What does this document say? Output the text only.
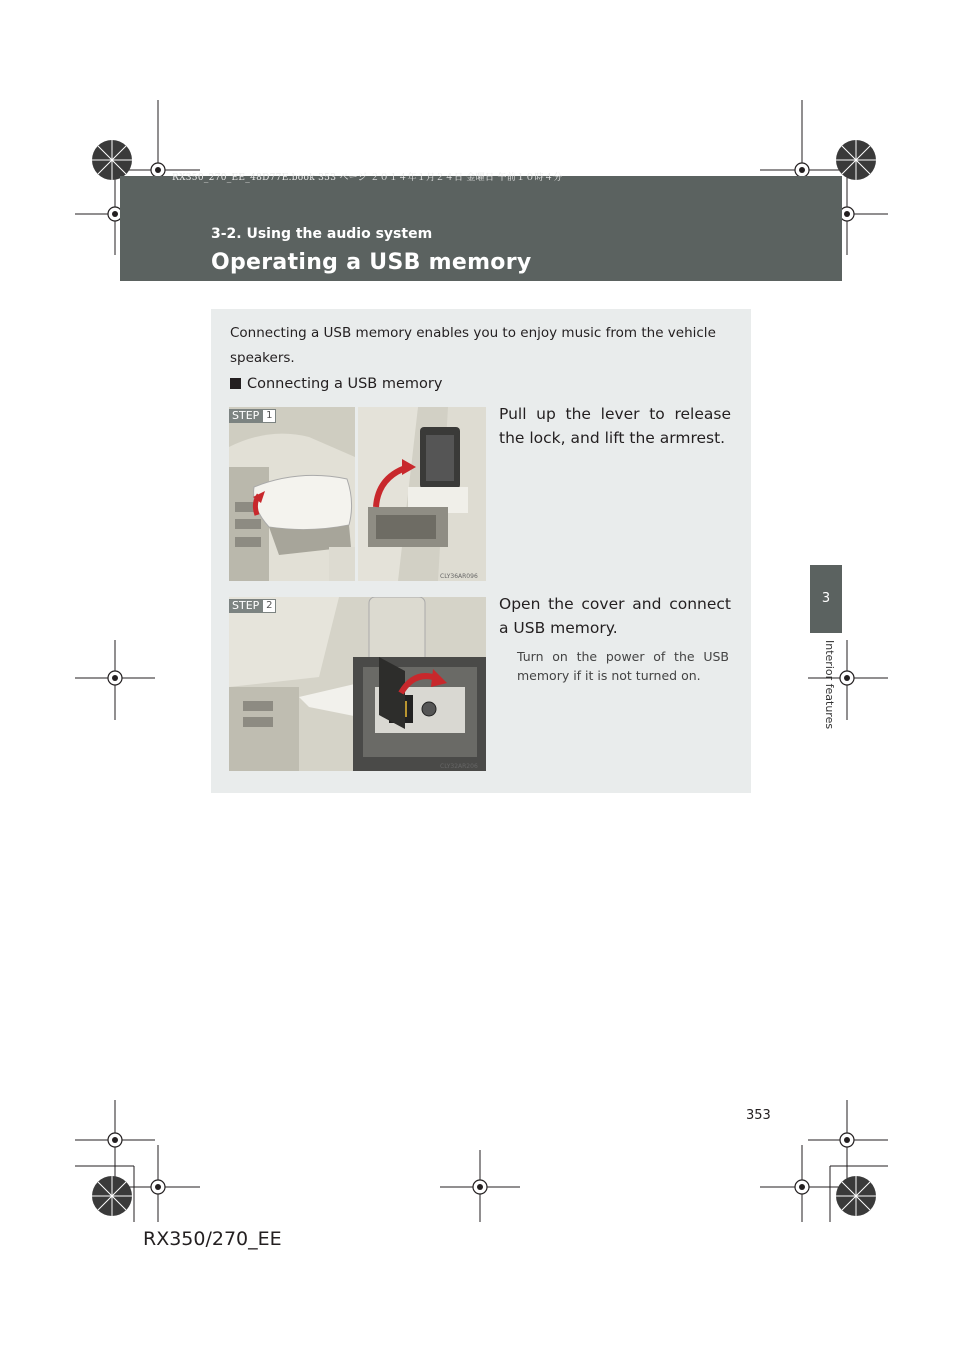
RX350_270_EE_48D77E.book 353 ページ ２０１４年１月２４日 金曜日 午前１０時４分
3-2. Using the audio system
Operating a USB memory
3
Interior features
Connecting a USB memory enables you to enjoy music from the vehicle speakers.
Connecting a USB memory
CLY36AR096
STEP 1	Pull up the lever to release the lock, and lift the armrest.
CLY32AR206
STEP 2	Open the cover and connect a USB memory.
Turn on the power of the USB memory if it is not turned on.
353
RX350/270_EE
